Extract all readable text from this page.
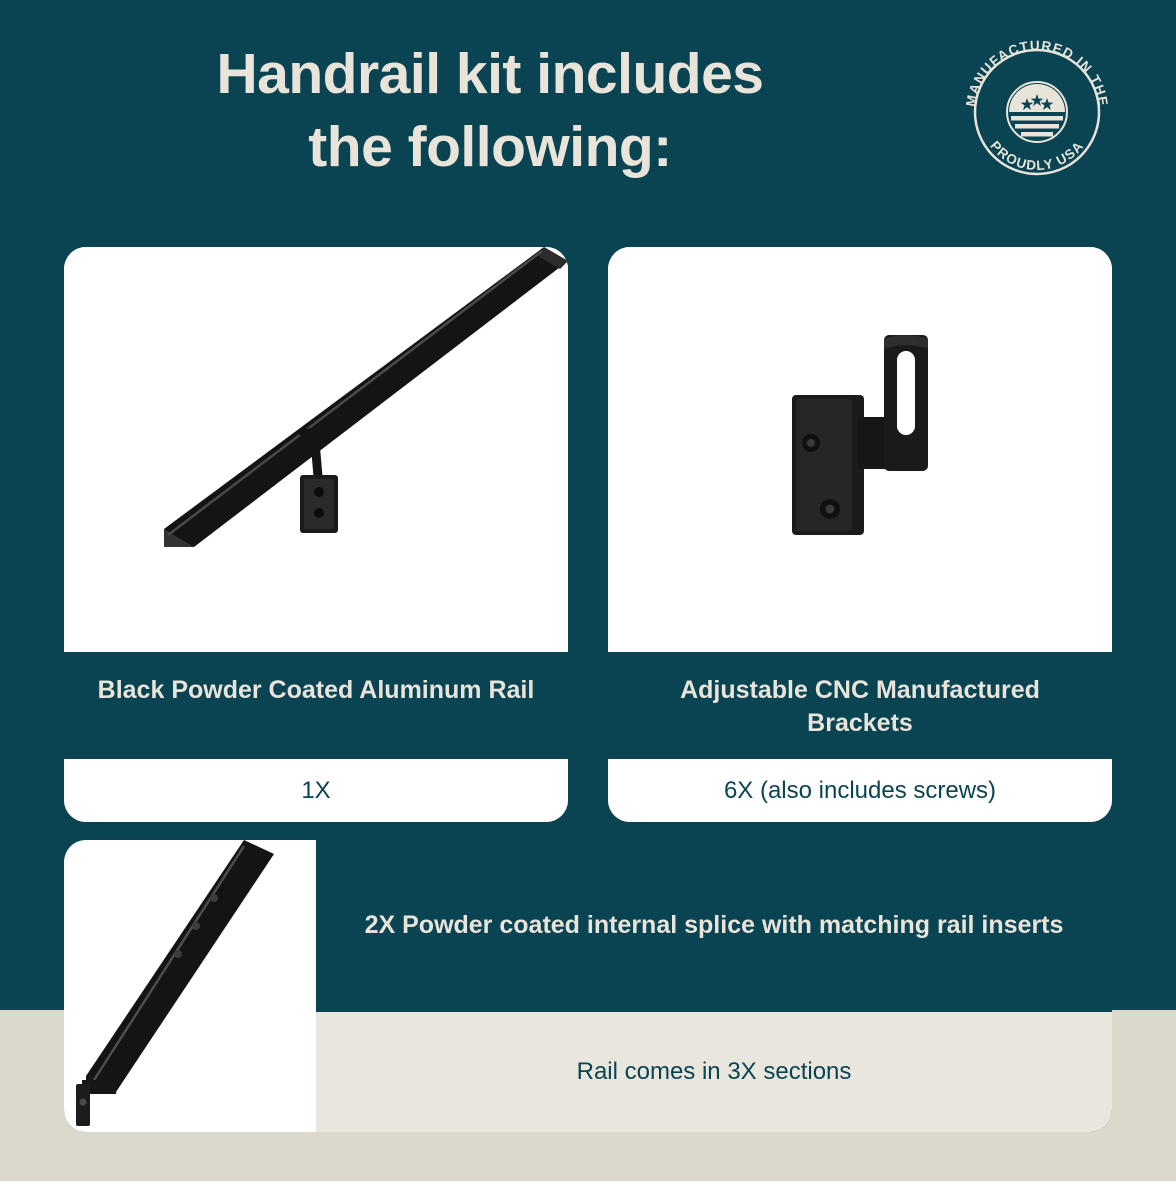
Handrail kit includes
the following:
MANUFACTURED IN THE
PROUDLY USA
Black Powder Coated Aluminum Rail
1X
Adjustable CNC Manufactured Brackets
6X (also includes screws)
2X Powder coated internal splice with matching rail inserts
Rail comes in 3X sections
